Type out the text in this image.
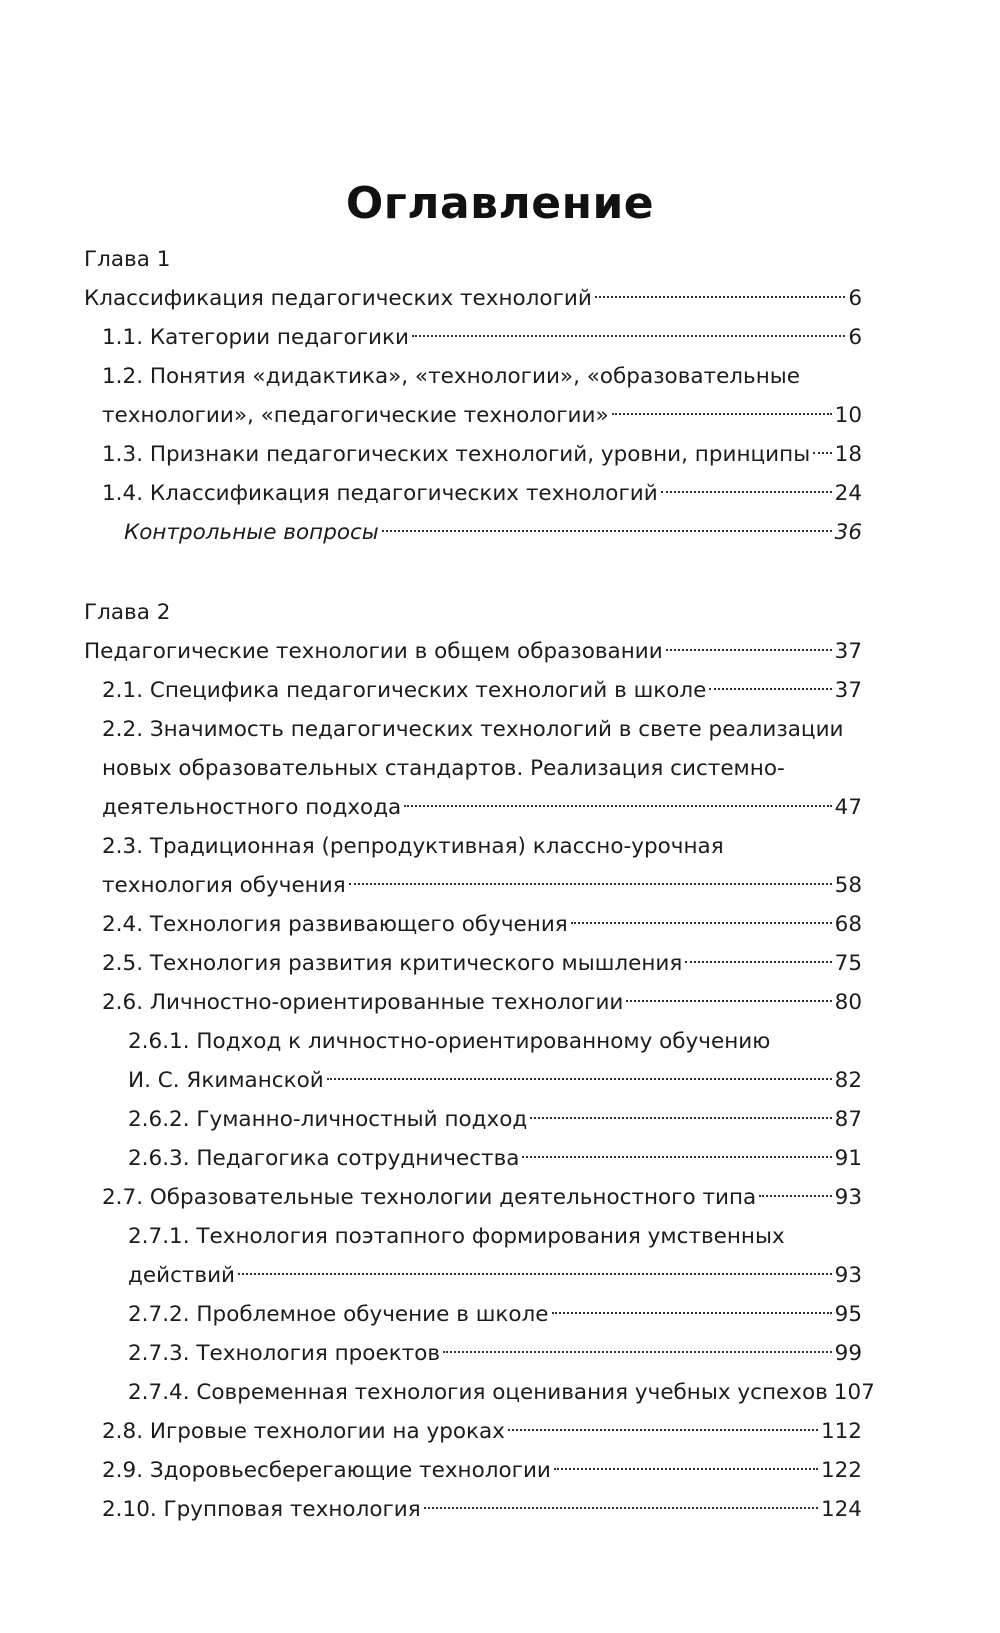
Оглавление
Глава 1
Классификация педагогических технологий	6
1.1. Категории педагогики	6
1.2. Понятия «дидактика», «технологии», «образовательные
технологии», «педагогические технологии»	10
1.3. Признаки педагогических технологий, уровни, принципы 18
1.4. Классификация педагогических технологий	24
Контрольные вопросы	36
Глава 2
Педагогические технологии в общем образовании	37
2.1. Специфика педагогических технологий в школе	37
2.2. Значимость педагогических технологий в свете реализации
новых образовательных стандартов. Реализация системно-
деятельностного подхода	47
2.3. Традиционная (репродуктивная) классно-урочная
технология обучения	58
2.4. Технология развивающего обучения	68
2.5. Технология развития критического мышления	75
2.6. Личностно-ориентированные технологии	80
2.6.1. Подход к личностно-ориентированному обучению
И. С. Якиманской	82
2.6.2. Гуманно-личностный подход	87
2.6.3. Педагогика сотрудничества	91
2.7. Образовательные технологии деятельностного типа	93
2.7.1. Технология поэтапного формирования умственных
действий	93
2.7.2. Проблемное обучение в школе	95
2.7.3. Технология проектов	99
2.7.4. Современная технология оценивания учебных успехов 107
2.8. Игровые технологии на уроках	112
2.9. Здоровьесберегающие технологии	122
2.10. Групповая технология	124
